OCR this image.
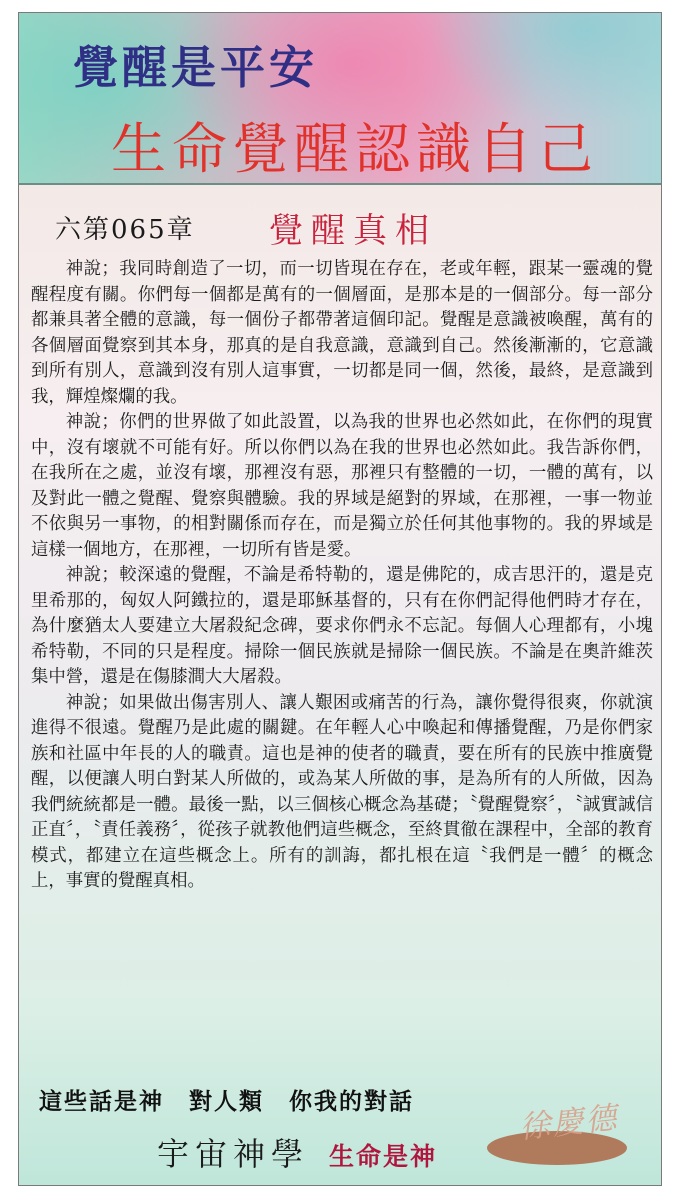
覺醒是平安
生命覺醒認識自己
六第065章 覺醒真相

神說；我同時創造了一切，而一切皆現在存在，老或年輕，跟某一靈魂的覺醒程度有關。你們每一個都是萬有的一個層面，是那本是的一個部分。每一部分都兼具著全體的意識，每一個份子都帶著這個印記。覺醒是意識被喚醒，萬有的各個層面覺察到其本身，那真的是自我意識，意識到自己。然後漸漸的，它意識到所有別人，意識到沒有別人這事實，一切都是同一個，然後，最終，是意識到我，輝煌燦爛的我。

神說；你們的世界做了如此設置，以為我的世界也必然如此，在你們的現實中，沒有壞就不可能有好。所以你們以為在我的世界也必然如此。我告訴你們，在我所在之處，並沒有壞，那裡沒有惡，那裡只有整體的一切，一體的萬有，以及對此一體之覺醒、覺察與體驗。我的界域是絕對的界域，在那裡，一事一物並不依與另一事物，的相對關係而存在，而是獨立於任何其他事物的。我的界域是這樣一個地方，在那裡，一切所有皆是愛。

神說；較深遠的覺醒，不論是希特勒的，還是佛陀的，成吉思汗的，還是克里希那的，匈奴人阿鐵拉的，還是耶穌基督的，只有在你們記得他們時才存在，為什麼猶太人要建立大屠殺紀念碑，要求你們永不忘記。每個人心理都有，小塊希特勒，不同的只是程度。掃除一個民族就是掃除一個民族。不論是在奧許維茨集中營，還是在傷膝澗大大屠殺。

神說；如果做出傷害別人、讓人艱困或痛苦的行為，讓你覺得很爽，你就演進得不很遠。覺醒乃是此處的關鍵。在年輕人心中喚起和傳播覺醒，乃是你們家族和社區中年長的人的職責。這也是神的使者的職責，要在所有的民族中推廣覺醒，以便讓人明白對某人所做的，或為某人所做的事，是為所有的人所做，因為我們統統都是一體。最後一點，以三個核心概念為基礎；〝覺醒覺察〞，〝誠實誠信正直〞，〝責任義務〞，從孩子就教他們這些概念，至終貫徹在課程中，全部的教育模式，都建立在這些概念上。所有的訓誨，都扎根在這〝我們是一體〞的概念上，事實的覺醒真相。

這些話是神　對人類　你我的對話
宇宙神學 生命是神
徐慶德
